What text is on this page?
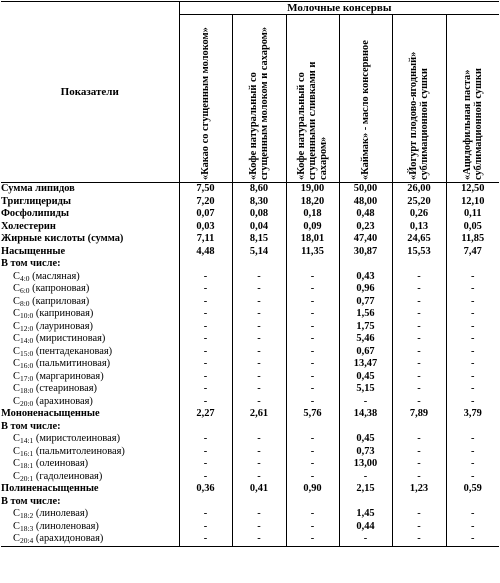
Показатели	Молочные консервы					

	«Какао со сгущенным молоком»	«Кофе натуральный со сгущенным молоком и сахаром»	«Кофе натуральный со сгущенными сливками и сахаром»	«Каймак» - масло консервное	«Йогурт плодово-ягодный» сублимационной сушки	«Ацидофильная паста» сублимационной сушки

Сумма липидов	7,50	8,60	19,00	50,00	26,00	12,50
Триглицериды	7,20	8,30	18,20	48,00	25,20	12,10
Фосфолипиды	0,07	0,08	0,18	0,48	0,26	0,11
Холестерин	0,03	0,04	0,09	0,23	0,13	0,05
Жирные кислоты (сумма)	7,11	8,15	18,01	47,40	24,65	11,85
Насыщенные	4,48	5,14	11,35	30,87	15,53	7,47
В том числе:						
$C_{4:0}$ (масляная)	-	-	-	0,43	-	-
$C_{6:0}$ (капроновая)	-	-	-	0,96	-	-
$C_{8:0}$ (каприловая)	-	-	-	0,77	-	-
$C_{10:0}$ (каприновая)	-	-	-	1,56	-	-
$C_{12:0}$ (лауриновая)	-	-	-	1,75	-	-
$C_{14:0}$ (миристиновая)	-	-	-	5,46	-	-
$C_{15:0}$ (пентадекановая)	-	-	-	0,67	-	-
$C_{16:0}$ (пальмитиновая)	-	-	-	13,47	-	-
$C_{17:0}$ (маргариновая)	-	-	-	0,45	-	-
$C_{18:0}$ (стеариновая)	-	-	-	5,15	-	-
$C_{20:0}$ (арахиновая)	-	-	-	-	-	-
Мононенасыщенные	2,27	2,61	5,76	14,38	7,89	3,79
В том числе:						
$C_{14:1}$ (миристолеиновая)	-	-	-	0,45	-	-
$C_{16:1}$ (пальмитолеиновая)	-	-	-	0,73	-	-
$C_{18:1}$ (олеиновая)	-	-	-	13,00	-	-
$C_{20:1}$ (гадолеиновая)	-	-	-	-	-	-
Полиненасыщенные	0,36	0,41	0,90	2,15	1,23	0,59
В том числе:						
$C_{18:2}$ (линолевая)	-	-	-	1,45	-	-
$C_{18:3}$ (линоленовая)	-	-	-	0,44	-	-
$C_{20:4}$ (арахидоновая)	-	-	-	-	-	-
